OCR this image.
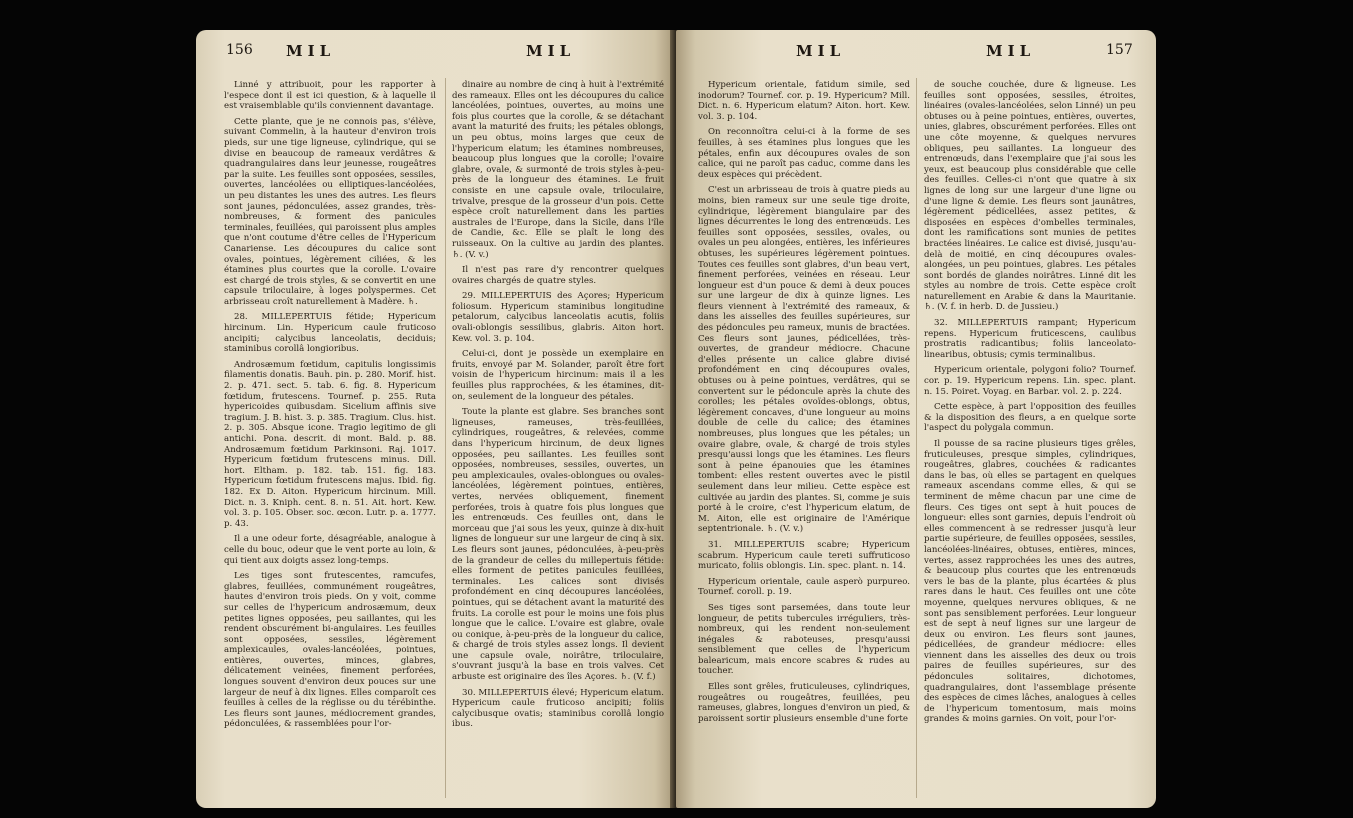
156 MIL	MIL

Linné y attribuoit, pour les rapporter à l'espece dont il est ici question, & à laquelle il est vraisemblable qu'ils conviennent davantage.

Cette plante, que je ne connois pas, s'élève, suivant Commelin, à la hauteur d'environ trois pieds, sur une tige ligneuse, cylindrique, qui se divise en beaucoup de rameaux verdâtres & quadrangulaires dans leur jeunesse, rougeâtres par la suite. Les feuilles sont opposées, sessiles, ouvertes, lancéolées ou elliptiques-lancéolées, un peu distantes les unes des autres. Les fleurs sont jaunes, pédonculées, assez grandes, très-nombreuses, & forment des panicules terminales, feuillées, qui paroissent plus amples que n'ont coutume d'être celles de l'Hypericum Canariense. Les découpures du calice sont ovales, pointues, légèrement ciliées, & les étamines plus courtes que la corolle. L'ovaire est chargé de trois styles, & se convertit en une capsule triloculaire, à loges polyspermes. Cet arbrisseau croît naturellement à Madère. ♄.

28. MILLEPERTUIS fétide; Hypericum hircinum. Lin. Hypericum caule fruticoso ancipiti; calycibus lanceolatis, deciduis; staminibus corollâ longioribus.

Androsæmum fœtidum, capitulis longissimis filamentis donatis. Bauh. pin. p. 280. Morif. hist. 2. p. 471. sect. 5. tab. 6. fig. 8. Hypericum fœtidum, frutescens. Tournef. p. 255. Ruta hypericoides quibusdam. Sicelium affinis sive tragium. J. B. hist. 3. p. 385. Tragium. Clus. hist. 2. p. 305. Absque icone. Tragio legitimo de gli antichi. Pona. descrit. di mont. Bald. p. 88. Androsæmum fœtidum Parkinsoni. Raj. 1017. Hypericum fœtidum frutescens minus. Dill. hort. Eltham. p. 182. tab. 151. fig. 183. Hypericum fœtidum frutescens majus. Ibid. fig. 182. Ex D. Aiton. Hypericum hircinum. Mill. Dict. n. 3. Kniph. cent. 8. n. 51. Ait. hort. Kew. vol. 3. p. 105. Obser. soc. œcon. Lutr. p. a. 1777. p. 43.

Il a une odeur forte, désagréable, analogue à celle du bouc, odeur que le vent porte au loin, & qui tient aux doigts assez long-temps.

Les tiges sont frutescentes, ramcufes, glabres, feuillées, communément rougeâtres, hautes d'environ trois pieds. On y voit, comme sur celles de l'hypericum androsæmum, deux petites lignes opposées, peu saillantes, qui les rendent obscurément bi-angulaires. Les feuilles sont opposées, sessiles, légèrement amplexicaules, ovales-lancéolées, pointues, entières, ouvertes, minces, glabres, délicatement veinées, finement perforées, longues souvent d'environ deux pouces sur une largeur de neuf à dix lignes. Elles comparoît ces feuilles à celles de la réglisse ou du térébinthe. Les fleurs sont jaunes, médiocrement grandes, pédonculées, & rassemblées pour l'or-

dinaire au nombre de cinq à huit à l'extrémité des rameaux. Elles ont les découpures du calice lancéolées, pointues, ouvertes, au moins une fois plus courtes que la corolle, & se détachant avant la maturité des fruits; les pétales oblongs, un peu obtus, moins larges que ceux de l'hypericum elatum; les étamines nombreuses, beaucoup plus longues que la corolle; l'ovaire glabre, ovale, & surmonté de trois styles à-peu-près de la longueur des étamines. Le fruit consiste en une capsule ovale, triloculaire, trivalve, presque de la grosseur d'un pois. Cette espèce croît naturellement dans les parties australes de l'Europe, dans la Sicile, dans l'île de Candie, &c. Elle se plaît le long des ruisseaux. On la cultive au jardin des plantes. ♄. (V. v.)

Il n'est pas rare d'y rencontrer quelques ovaires chargés de quatre styles.

29. MILLEPERTUIS des Açores; Hypericum foliosum. Hypericum staminibus longitudine petalorum, calycibus lanceolatis acutis, foliis ovali-oblongis sessilibus, glabris. Aiton hort. Kew. vol. 3. p. 104.

Celui-ci, dont je possède un exemplaire en fruits, envoyé par M. Solander, paroît être fort voisin de l'hypericum hircinum: mais il a les feuilles plus rapprochées, & les étamines, dit-on, seulement de la longueur des pétales.

Toute la plante est glabre. Ses branches sont ligneuses, rameuses, très-feuillées, cylindriques, rougeâtres, & relevées, comme dans l'hypericum hircinum, de deux lignes opposées, peu saillantes. Les feuilles sont opposées, nombreuses, sessiles, ouvertes, un peu amplexicaules, ovales-oblongues ou ovales-lancéolées, légèrement pointues, entières, vertes, nervées obliquement, finement perforées, trois à quatre fois plus longues que les entrenœuds. Ces feuilles ont, dans le morceau que j'ai sous les yeux, quinze à dix-huit lignes de longueur sur une largeur de cinq à six. Les fleurs sont jaunes, pédonculées, à-peu-près de la grandeur de celles du millepertuis fétide: elles forment de petites panicules feuillées, terminales. Les calices sont divisés profondément en cinq découpures lancéolées, pointues, qui se détachent avant la maturité des fruits. La corolle est pour le moins une fois plus longue que le calice. L'ovaire est glabre, ovale ou conique, à-peu-près de la longueur du calice, & chargé de trois styles assez longs. Il devient une capsule ovale, noirâtre, triloculaire, s'ouvrant jusqu'à la base en trois valves. Cet arbuste est originaire des îles Açores. ♄. (V. f.)

30. MILLEPERTUIS élevé; Hypericum elatum. Hypericum caule fruticoso ancipiti; foliis calycibusque ovatis; staminibus corollâ longio ibus.

MIL	MIL	157

Hypericum orientale, fatidum simile, sed inodorum? Tournef. cor. p. 19. Hypericum? Mill. Dict. n. 6. Hypericum elatum? Aiton. hort. Kew. vol. 3. p. 104.

On reconnoîtra celui-ci à la forme de ses feuilles, à ses étamines plus longues que les pétales, enfin aux découpures ovales de son calice, qui ne paroît pas caduc, comme dans les deux espèces qui précèdent.

C'est un arbrisseau de trois à quatre pieds au moins, bien rameux sur une seule tige droite, cylindrique, légèrement biangulaire par des lignes décurrentes le long des entrenœuds. Les feuilles sont opposées, sessiles, ovales, ou ovales un peu alongées, entières, les inférieures obtuses, les supérieures légèrement pointues. Toutes ces feuilles sont glabres, d'un beau vert, finement perforées, veinées en réseau. Leur longueur est d'un pouce & demi à deux pouces sur une largeur de dix à quinze lignes. Les fleurs viennent à l'extrémité des rameaux, & dans les aisselles des feuilles supérieures, sur des pédoncules peu rameux, munis de bractées. Ces fleurs sont jaunes, pédicellées, très-ouvertes, de grandeur médiocre. Chacune d'elles présente un calice glabre divisé profondément en cinq découpures ovales, obtuses ou à peine pointues, verdâtres, qui se convertent sur le pédoncule après la chute des corolles; les pétales ovoïdes-oblongs, obtus, légèrement concaves, d'une longueur au moins double de celle du calice; des étamines nombreuses, plus longues que les pétales; un ovaire glabre, ovale, & chargé de trois styles presqu'aussi longs que les étamines. Les fleurs sont à peine épanouies que les étamines tombent: elles restent ouvertes avec le pistil seulement dans leur milieu. Cette espèce est cultivée au jardin des plantes. Si, comme je suis porté à le croire, c'est l'hypericum elatum, de M. Aiton, elle est originaire de l'Amérique septentrionale. ♄. (V. v.)

31. MILLEPERTUIS scabre; Hypericum scabrum. Hypericum caule tereti suffruticoso muricato, foliis oblongis. Lin. spec. plant. n. 14.

Hypericum orientale, caule asperò purpureo. Tournef. coroll. p. 19.

Ses tiges sont parsemées, dans toute leur longueur, de petits tubercules irréguliers, très-nombreux, qui les rendent non-seulement inégales & raboteuses, presqu'aussi sensiblement que celles de l'hypericum balearicum, mais encore scabres & rudes au toucher.

Elles sont grêles, fruticuleuses, cylindriques, rougeâtres ou rougeâtres, feuillées, peu rameuses, glabres, longues d'environ un pied, & paroissent sortir plusieurs ensemble d'une forte

de souche couchée, dure & ligneuse. Les feuilles sont opposées, sessiles, étroites, linéaires (ovales-lancéolées, selon Linné) un peu obtuses ou à peine pointues, entières, ouvertes, unies, glabres, obscurément perforées. Elles ont une côte moyenne, & quelques nervures obliques, peu saillantes. La longueur des entrenœuds, dans l'exemplaire que j'ai sous les yeux, est beaucoup plus considérable que celle des feuilles. Celles-ci n'ont que quatre à six lignes de long sur une largeur d'une ligne ou d'une ligne & demie. Les fleurs sont jaunâtres, légèrement pédicellées, assez petites, & disposées en espèces d'ombelles terminales, dont les ramifications sont munies de petites bractées linéaires. Le calice est divisé, jusqu'au-delà de moitié, en cinq découpures ovales-alongées, un peu pointues, glabres. Les pétales sont bordés de glandes noirâtres. Linné dit les styles au nombre de trois. Cette espèce croît naturellement en Arabie & dans la Mauritanie. ♄. (V. f. in herb. D. de Jussieu.)

32. MILLEPERTUIS rampant; Hypericum repens. Hypericum fruticescens, caulibus prostratis radicantibus; foliis lanceolato-linearibus, obtusis; cymis terminalibus.

Hypericum orientale, polygoni folio? Tournef. cor. p. 19. Hypericum repens. Lin. spec. plant. n. 15. Poiret. Voyag. en Barbar. vol. 2. p. 224.

Cette espèce, à part l'opposition des feuilles & la disposition des fleurs, a en quelque sorte l'aspect du polygala commun.

Il pousse de sa racine plusieurs tiges grêles, fruticuleuses, presque simples, cylindriques, rougeâtres, glabres, couchées & radicantes dans le bas, où elles se partagent en quelques rameaux ascendans comme elles, & qui se terminent de même chacun par une cime de fleurs. Ces tiges ont sept à huit pouces de longueur: elles sont garnies, depuis l'endroit où elles commencent à se redresser jusqu'à leur partie supérieure, de feuilles opposées, sessiles, lancéolées-linéaires, obtuses, entières, minces, vertes, assez rapprochées les unes des autres, & beaucoup plus courtes que les entrenœuds vers le bas de la plante, plus écartées & plus rares dans le haut. Ces feuilles ont une côte moyenne, quelques nervures obliques, & ne sont pas sensiblement perforées. Leur longueur est de sept à neuf lignes sur une largeur de deux ou environ. Les fleurs sont jaunes, pédicellées, de grandeur médiocre: elles viennent dans les aisselles des deux ou trois paires de feuilles supérieures, sur des pédoncules solitaires, dichotomes, quadrangulaires, dont l'assemblage présente des espèces de cimes lâches, analogues à celles de l'hypericum tomentosum, mais moins grandes & moins garnies. On voit, pour l'or-
